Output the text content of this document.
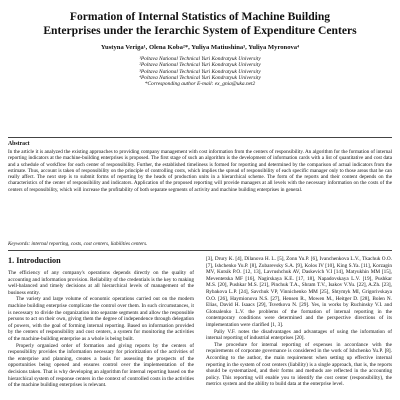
Formation of Internal Statistics of Machine Building Enterprises under the Ierarchic System of Expenditure Centers
Yustyna Veriga¹, Olena Koba²*, Yuliya Matiushina³, Yuliya Myronova⁴
¹Poltava National Technical Yuri Kondratyuk University
²Poltava National Technical Yuri Kondratyuk University
³Poltava National Technical Yuri Kondratyuk University
⁴Poltava National Technical Yuri Kondratyuk University
*Corresponding author E-mail: ex_gnia@uka.net2
Abstract
In the article it is analyzed the existing approaches to providing company management with cost information from the centers of responsibility. An algorithm for the formation of internal reporting indicators at the machine-building enterprises is proposed. The first stage of such an algorithm is the development of information cards with a list of quantitative and cost data and a schedule of workflow for each center of responsibility. Further, the established timeliness is formed for reporting and determined by the comparison of actual indicators from the estimate. Thus, account is taken of responsibility on the principle of controlling costs, which implies the spread of responsibility of each specific manager only to those areas that he can really affect. The next step is to submit forms of reporting by the heads of production units in a hierarchical scheme. The form of the reports and their content depends on the characteristics of the center of responsibility and indicators. Application of the proposed reporting will provide managers at all levels with the necessary information on the costs of the centers of responsibility, which will increase the profitability of both separate segments of activity and machine building enterprises in general.
Keywords: internal reporting, costs, cost centers, liabilities centers.
1. Introduction

The efficiency of any company's operations depends directly on the quality of accounting and information provision. Reliability of the credentials is the key to making well-balanced and timely decisions at all hierarchical levels of management of the business entity.

The variety and large volume of economic operations carried out on the modern machine building enterprise complicate the control over them. In such circumstances, it is necessary to divide the organization into separate segments and allow the responsible persons to act on their own, giving them the degree of independence through delegation of powers, with the goal of forming internal reporting. Based on information provided by the centers of responsibility and cost centers, a system for monitoring the activities of the machine-building enterprise as a whole is being built.

Properly organized order of formation and giving reports by the centers of responsibility provides the information necessary for prioritization of the activities of the enterprise and planning, creates a basis for assessing the prospects of the opportunities being opened and ensures control over the implementation of the decisions taken. That is why developing an algorithm for internal reporting based on the hierarchical system of response centers in the context of controlled costs in the activities of the machine building enterprises is relevant.

[3], Drury K. [4], Dilanova H. L. [5], Zonn Yu.P. [6], Ivanchenkova L.V., Tkachuk O.O. [7], Ishchenko Yu.P. [8], Zubarevsky S.A. [9], Kolos IV [10], King S.Ya. [11], Korzagin MV, Kutsik P.O. [12, 13], Lavrushchuk AV, Daskevich V.I [14], Matyukhin MM [15], Meventetska MF [16], Nagirskaya K.E. [17, 18], Napadovskaya L.V. [19], Pushkar M.S. [20], Pushkar M.S. [21], Pinchuk T.A., Shram T.V., Isakov V.Yu. [22], A.Zh. [23], Rybakova L.P. [24], Savchuk VP, Vinnichenko MM [25], Shtymyk MI, Grigorivskaya O.O. [26], Haymionova N.S. [27], Hensen R., Mowen M., Heitger D. [28], Bolen N. Elias, David H. Isaacs [29], Tsvetkova N. [29]. Yes, in works by Ruchinsky V.I. and Glotsalenko L.V. the problems of the formation of internal reporting in the contemporary conditions were determined and the perspective directions of its implementation were clarified [1, 3].

Paliy V.F. notes the disadvantages and advantages of using the information of internal reporting of industrial enterprises [20].

The procedure for internal reporting of expenses in accordance with the requirements of corporate governance is considered in the work of Ishchenko Yu.P. [8]. According to the author, the main requirement when setting up effective internal reporting in the system of cost centers (liability) is a single approach, that is, the reports should be systematized, and their forms and methods are reflected in the accounting policy. This reporting will enable you to identify the cost center (responsibility), the metrics system and the ability to build data at the enterprise level.
